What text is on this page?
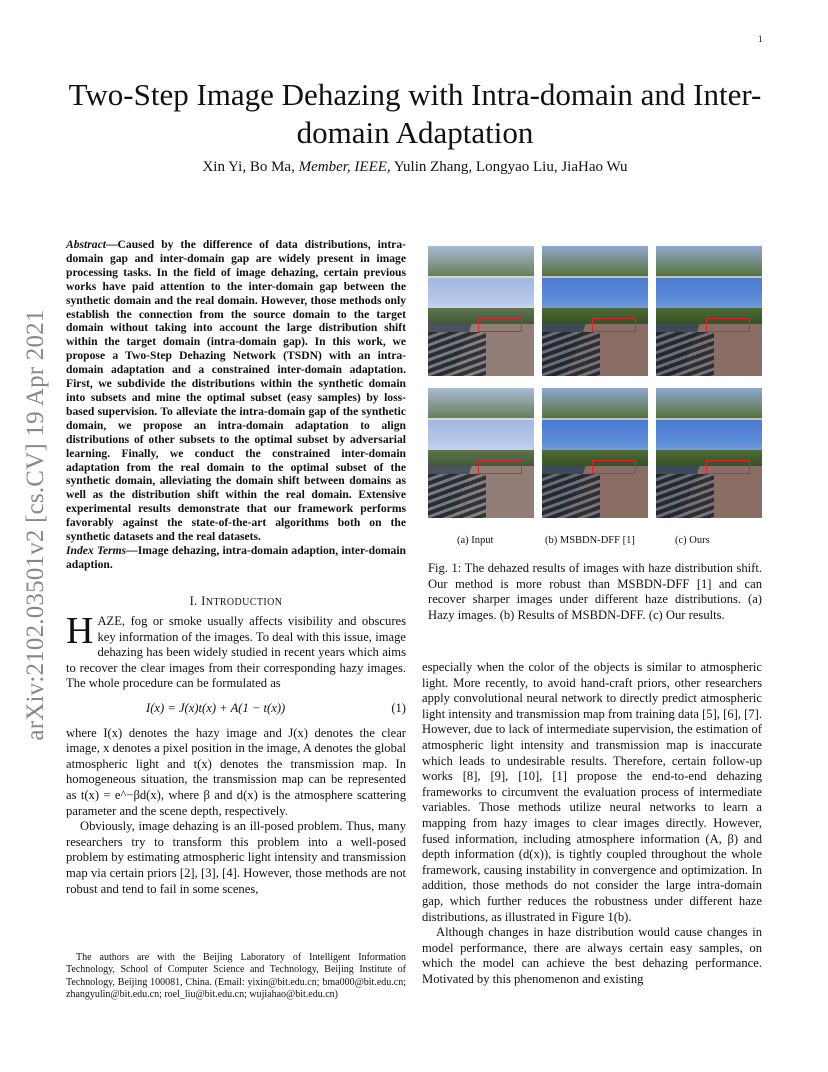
1
arXiv:2102.03501v2 [cs.CV] 19 Apr 2021
Two-Step Image Dehazing with Intra-domain and Inter-domain Adaptation
Xin Yi, Bo Ma, Member, IEEE, Yulin Zhang, Longyao Liu, JiaHao Wu
Abstract—Caused by the difference of data distributions, intra-domain gap and inter-domain gap are widely present in image processing tasks. In the field of image dehazing, certain previous works have paid attention to the inter-domain gap between the synthetic domain and the real domain. However, those methods only establish the connection from the source domain to the target domain without taking into account the large distribution shift within the target domain (intra-domain gap). In this work, we propose a Two-Step Dehazing Network (TSDN) with an intra-domain adaptation and a constrained inter-domain adaptation. First, we subdivide the distributions within the synthetic domain into subsets and mine the optimal subset (easy samples) by loss-based supervision. To alleviate the intra-domain gap of the synthetic domain, we propose an intra-domain adaptation to align distributions of other subsets to the optimal subset by adversarial learning. Finally, we conduct the constrained inter-domain adaptation from the real domain to the optimal subset of the synthetic domain, alleviating the domain shift between domains as well as the distribution shift within the real domain. Extensive experimental results demonstrate that our framework performs favorably against the state-of-the-art algorithms both on the synthetic datasets and the real datasets.
Index Terms—Image dehazing, intra-domain adaption, inter-domain adaption.
I. INTRODUCTION

HAZE, fog or smoke usually affects visibility and obscures key information of the images. To deal with this issue, image dehazing has been widely studied in recent years which aims to recover the clear images from their corresponding hazy images. The whole procedure can be formulated as

I(x) = J(x)t(x) + A(1 − t(x))	(1)

where I(x) denotes the hazy image and J(x) denotes the clear image, x denotes a pixel position in the image, A denotes the global atmospheric light and t(x) denotes the transmission map. In homogeneous situation, the transmission map can be represented as t(x) = e^−βd(x), where β and d(x) is the atmosphere scattering parameter and the scene depth, respectively.

Obviously, image dehazing is an ill-posed problem. Thus, many researchers try to transform this problem into a well-posed problem by estimating atmospheric light intensity and transmission map via certain priors [2], [3], [4]. However, those methods are not robust and tend to fail in some scenes,

The authors are with the Beijing Laboratory of Intelligent Information Technology, School of Computer Science and Technology, Beijing Institute of Technology, Beijing 100081, China. (Email: yixin@bit.edu.cn; bma000@bit.edu.cn; zhangyulin@bit.edu.cn; roel_liu@bit.edu.cn; wujiahao@bit.edu.cn)

(a) Input	(b) MSBDN-DFF [1]	(c) Ours
Fig. 1: The dehazed results of images with haze distribution shift. Our method is more robust than MSBDN-DFF [1] and can recover sharper images under different haze distributions. (a) Hazy images. (b) Results of MSBDN-DFF. (c) Our results.

especially when the color of the objects is similar to atmospheric light. More recently, to avoid hand-craft priors, other researchers apply convolutional neural network to directly predict atmospheric light intensity and transmission map from training data [5], [6], [7]. However, due to lack of intermediate supervision, the estimation of atmospheric light intensity and transmission map is inaccurate which leads to undesirable results. Therefore, certain follow-up works [8], [9], [10], [1] propose the end-to-end dehazing frameworks to circumvent the evaluation process of intermediate variables. Those methods utilize neural networks to learn a mapping from hazy images to clear images directly. However, fused information, including atmosphere information (A, β) and depth information (d(x)), is tightly coupled throughout the whole framework, causing instability in convergence and optimization. In addition, those methods do not consider the large intra-domain gap, which further reduces the robustness under different haze distributions, as illustrated in Figure 1(b).

Although changes in haze distribution would cause changes in model performance, there are always certain easy samples, on which the model can achieve the best dehazing performance. Motivated by this phenomenon and existing
